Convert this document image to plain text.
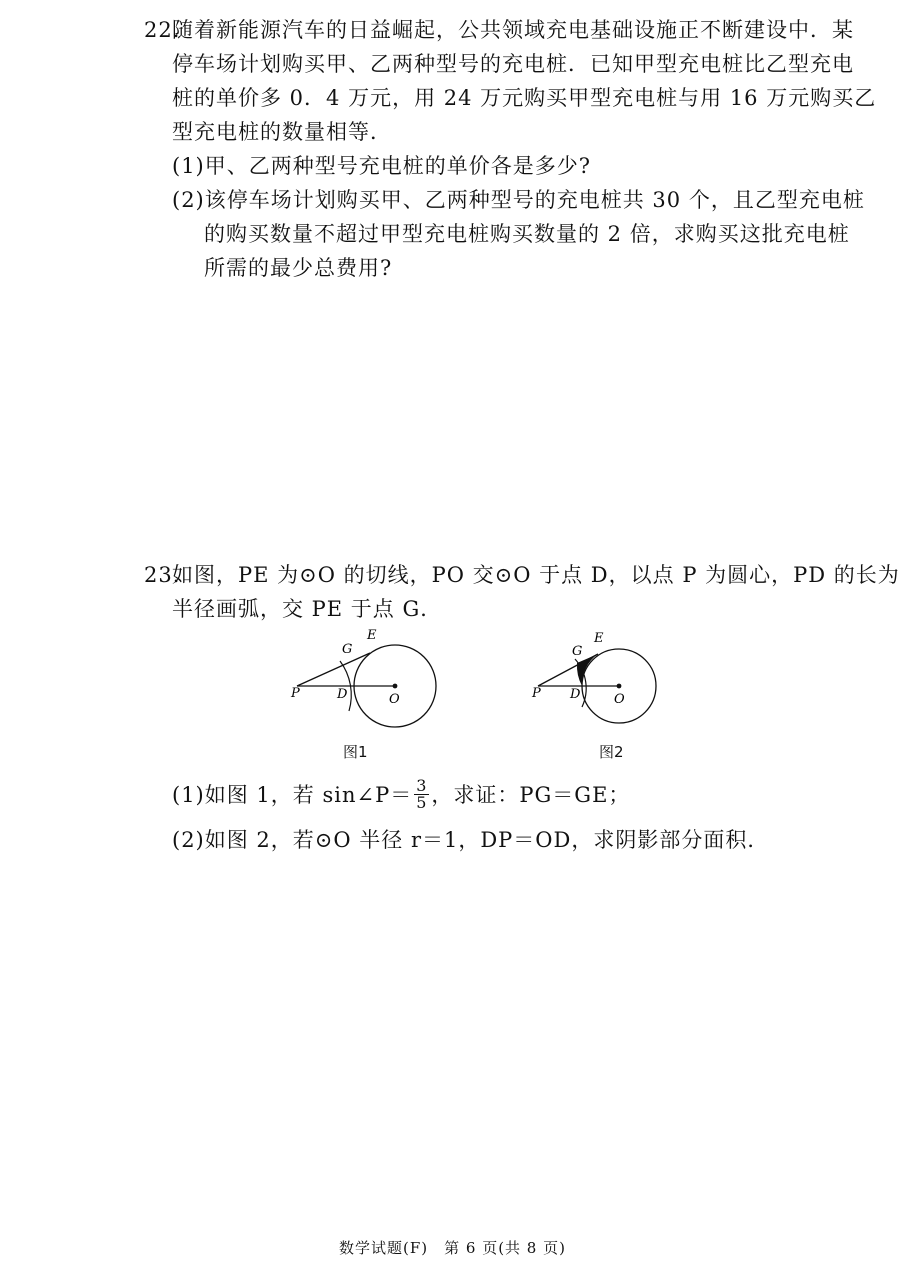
22.
随着新能源汽车的日益崛起，公共领域充电基础设施正不断建设中．某
停车场计划购买甲、乙两种型号的充电桩．已知甲型充电桩比乙型充电
桩的单价多 0．4 万元，用 24 万元购买甲型充电桩与用 16 万元购买乙
型充电桩的数量相等．
(1)甲、乙两种型号充电桩的单价各是多少?
(2)该停车场计划购买甲、乙两种型号的充电桩共 30 个，且乙型充电桩
的购买数量不超过甲型充电桩购买数量的 2 倍，求购买这批充电桩
所需的最少总费用?
23.
如图，PE 为⊙O 的切线，PO 交⊙O 于点 D，以点 P 为圆心，PD 的长为
半径画弧，交 PE 于点 G．
P	D	O
G
E
图1
P D	O
G
E
图2
(1)如图 1，若 sin∠P＝ $\frac{3}{5}$ ，求证：PG＝GE；
(2)如图 2，若⊙O 半径 r＝1，DP＝OD，求阴影部分面积．
数学试题(F)　第 6 页(共 8 页)
